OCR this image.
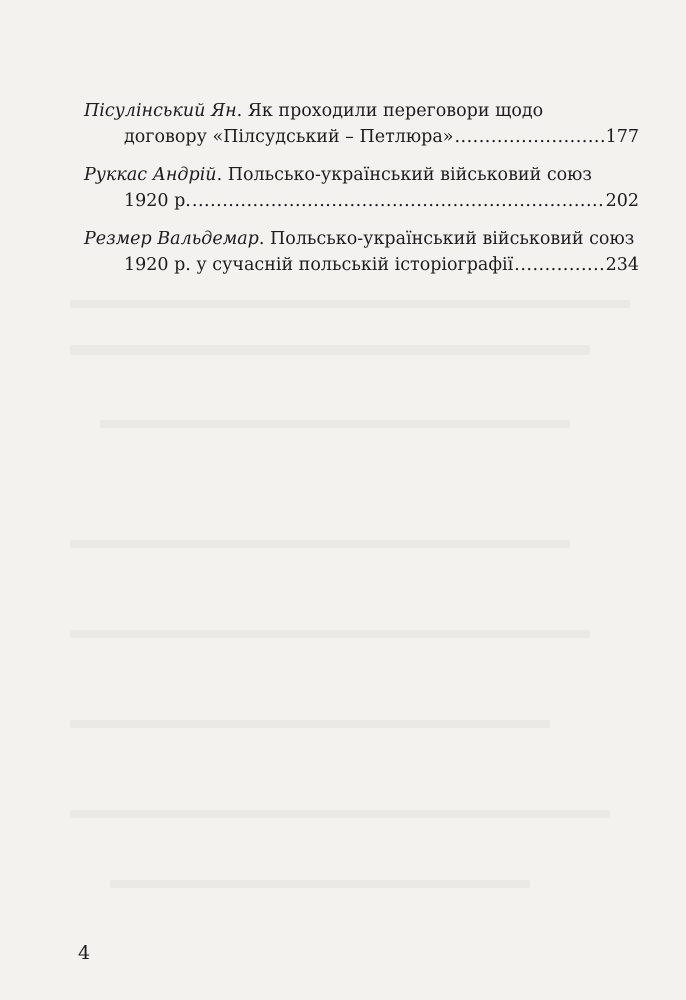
Пісулінський Ян . Як проходили переговори щодо
договору «Пілсудський – Петлюра» .....	177
Руккас Андрій . Польсько-український військовий союз
1920 р. .....	202
Резмер Вальдемар . Польсько-український військовий союз
1920 р. у сучасній польській історіографії .....	234
4
